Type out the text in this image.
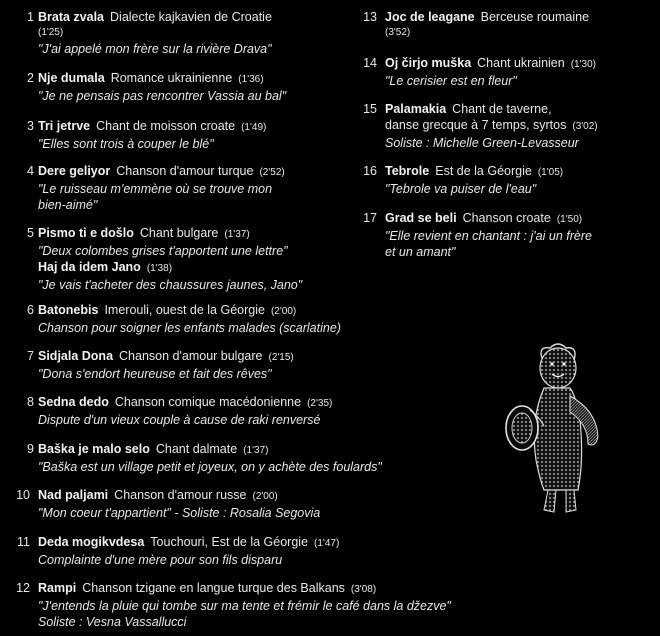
1 Brata zvala Dialecte kajkavien de Croatie
(1'25)
"J'ai appelé mon frère sur la rivière Drava"
2 Nje dumala Romance ukrainienne (1'36)
"Je ne pensais pas rencontrer Vassia au bal"
3 Tri jetrve Chant de moisson croate (1'49)
"Elles sont trois à couper le blé"
4 Dere geliyor Chanson d'amour turque (2'52)
"Le ruisseau m'emmène où se trouve mon
bien-aimé"
5 Pismo ti e došlo Chant bulgare (1'37)
"Deux colombes grises t'apportent une lettre"
Haj da idem Jano (1'38)
"Je vais t'acheter des chaussures jaunes, Jano"
6 Batonebis Imerouli, ouest de la Géorgie (2'00)
Chanson pour soigner les enfants malades (scarlatine)
7 Sidjala Dona Chanson d'amour bulgare (2'15)
"Dona s'endort heureuse et fait des rêves"
8 Sedna dedo Chanson comique macédonienne (2'35)
Dispute d'un vieux couple à cause de raki renversé
9 Baška je malo selo Chant dalmate (1'37)
"Baška est un village petit et joyeux, on y achète des foulards"
10 Nad paljami Chanson d'amour russe (2'00)
"Mon coeur t'appartient" - Soliste : Rosalia Segovia
11 Deda mogikvdesa Touchouri, Est de la Géorgie (1'47)
Complainte d'une mère pour son fils disparu
12 Rampi Chanson tzigane en langue turque des Balkans (3'08)
"J'entends la pluie qui tombe sur ma tente et frémir le café dans la džezve"
Soliste : Vesna Vassallucci
13 Joc de leagane Berceuse roumaine
(3'52)
14 Oj čirjo muška Chant ukrainien (1'30)
"Le cerisier est en fleur"
15 Palamakia Chant de taverne,
danse grecque à 7 temps, syrtos (3'02)
Soliste : Michelle Green-Levasseur
16 Tebrole Est de la Géorgie (1'05)
"Tebrole va puiser de l'eau"
17 Grad se beli Chanson croate (1'50)
"Elle revient en chantant : j'ai un frère
et un amant"
